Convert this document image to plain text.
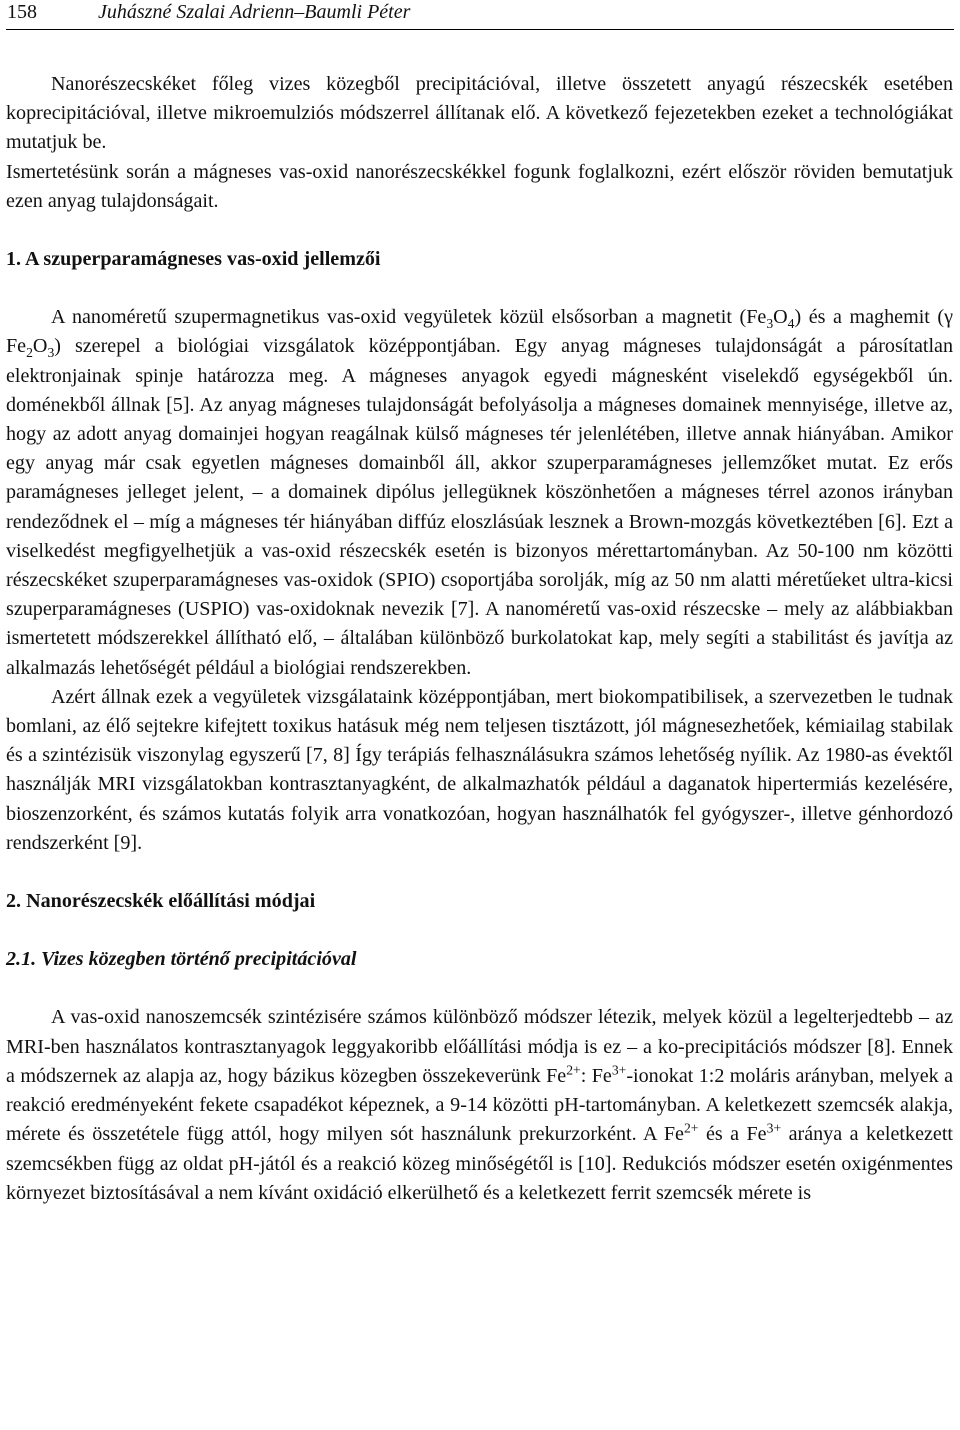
158	Juhászné Szalai Adrienn–Baumli Péter

Nanorészecskéket főleg vizes közegből precipitációval, illetve összetett anyagú részecskék esetében koprecipitációval, illetve mikroemulziós módszerrel állítanak elő. A következő fejezetekben ezeket a technológiákat mutatjuk be.

Ismertetésünk során a mágneses vas-oxid nanorészecskékkel fogunk foglalkozni, ezért először röviden bemutatjuk ezen anyag tulajdonságait.

1. A szuperparamágneses vas-oxid jellemzői

A nanoméretű szupermagnetikus vas-oxid vegyületek közül elsősorban a magnetit $(Fe_3O_4)$ és a maghemit (γ $Fe_2O_3$) szerepel a biológiai vizsgálatok középpontjában. Egy anyag mágneses tulajdonságát a párosítatlan elektronjainak spinje határozza meg. A mágneses anyagok egyedi mágnesként viselekdő egységekből ún. doménekből állnak [5]. Az anyag mágneses tulajdonságát befolyásolja a mágneses domainek mennyisége, illetve az, hogy az adott anyag domainjei hogyan reagálnak külső mágneses tér jelenlétében, illetve annak hiányában. Amikor egy anyag már csak egyetlen mágneses domainből áll, akkor szuperparamágneses jellemzőket mutat. Ez erős paramágneses jelleget jelent, – a domainek dipólus jellegüknek köszönhetően a mágneses térrel azonos irányban rendeződnek el – míg a mágneses tér hiányában diffúz eloszlásúak lesznek a Brown-mozgás következtében [6]. Ezt a viselkedést megfigyelhetjük a vas-oxid részecskék esetén is bizonyos mérettartományban. Az 50-100 nm közötti részecskéket szuperparamágneses vas-oxidok (SPIO) csoportjába sorolják, míg az 50 nm alatti méretűeket ultra-kicsi szuperparamágneses (USPIO) vas-oxidoknak nevezik [7]. A nanoméretű vas-oxid részecske – mely az alábbiakban ismertetett módszerekkel állítható elő, – általában különböző burkolatokat kap, mely segíti a stabilitást és javítja az alkalmazás lehetőségét például a biológiai rendszerekben.

Azért állnak ezek a vegyületek vizsgálataink középpontjában, mert biokompatibilisek, a szervezetben le tudnak bomlani, az élő sejtekre kifejtett toxikus hatásuk még nem teljesen tisztázott, jól mágnesezhetőek, kémiailag stabilak és a szintézisük viszonylag egyszerű [7, 8] Így terápiás felhasználásukra számos lehetőség nyílik. Az 1980-as évektől használják MRI vizsgálatokban kontrasztanyagként, de alkalmazhatók például a daganatok hipertermiás kezelésére, bioszenzorként, és számos kutatás folyik arra vonatkozóan, hogyan használhatók fel gyógyszer-, illetve génhordozó rendszerként [9].

2. Nanorészecskék előállítási módjai
2.1. Vizes közegben történő precipitációval

A vas-oxid nanoszemcsék szintézisére számos különböző módszer létezik, melyek közül a legelterjedtebb – az MRI-ben használatos kontrasztanyagok leggyakoribb előállítási módja is ez – a ko-precipitációs módszer [8]. Ennek a módszernek az alapja az, hogy bázikus közegben összekeverünk $Fe^{2+}$: $Fe^{3+}$-ionokat 1:2 moláris arányban, melyek a reakció eredményeként fekete csapadékot képeznek, a 9-14 közötti pH-tartományban. A keletkezett szemcsék alakja, mérete és összetétele függ attól, hogy milyen sót használunk prekurzorként. A $Fe^{2+}$ és a $Fe^{3+}$ aránya a keletkezett szemcsékben függ az oldat pH-jától és a reakció közeg minőségétől is [10]. Redukciós módszer esetén oxigénmentes környezet biztosításával a nem kívánt oxidáció elkerülhető és a keletkezett ferrit szemcsék mérete is
